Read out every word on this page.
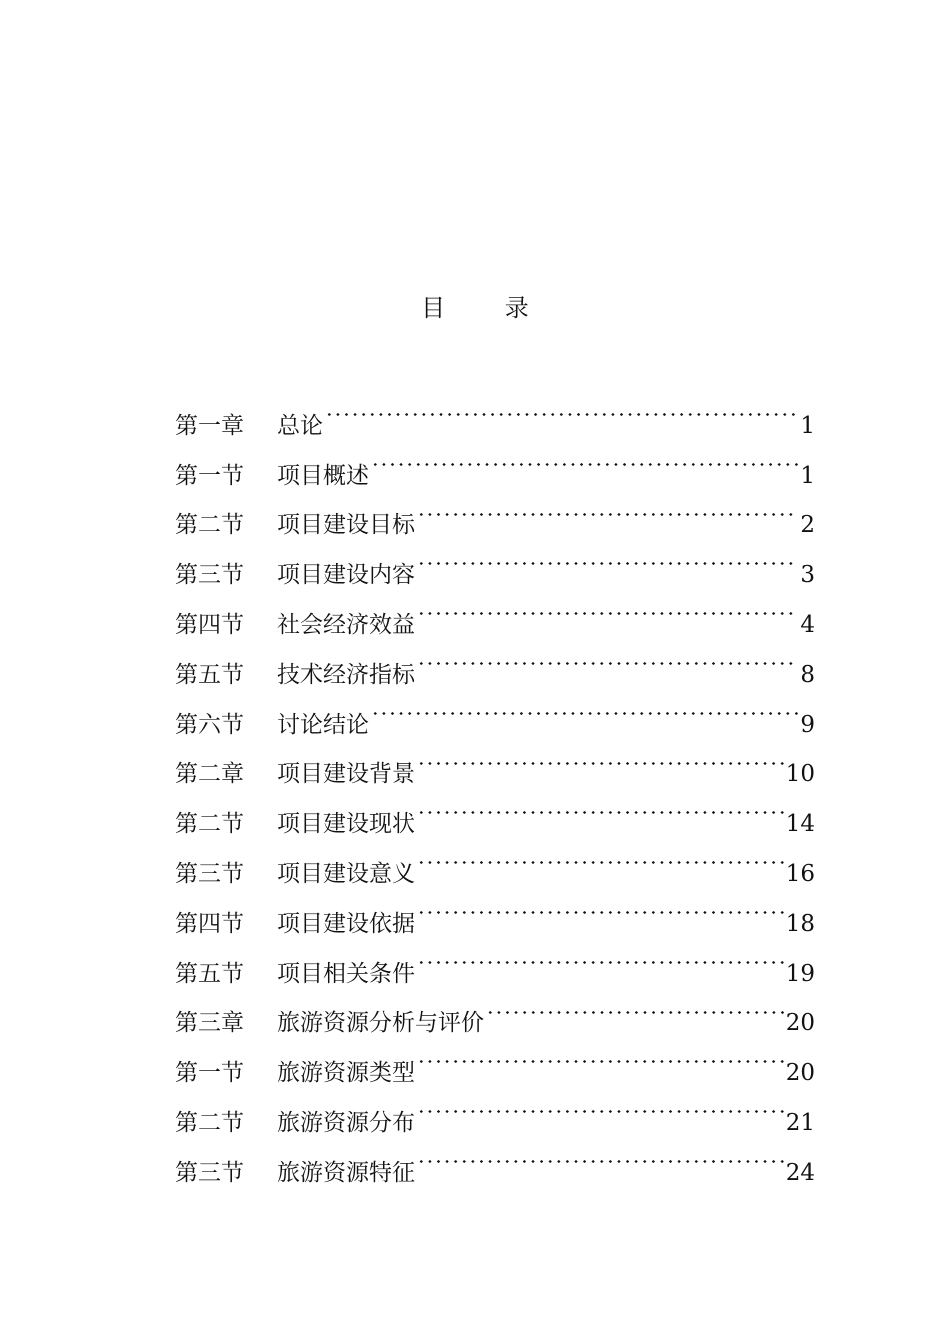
目 录
第一章	总论	1
第一节	项目概述	1
第二节	项目建设目标	2
第三节	项目建设内容	3
第四节	社会经济效益	4
第五节	技术经济指标	8
第六节	讨论结论	9
第二章	项目建设背景	10
第二节	项目建设现状	14
第三节	项目建设意义	16
第四节	项目建设依据	18
第五节	项目相关条件	19
第三章	旅游资源分析与评价	20
第一节	旅游资源类型	20
第二节	旅游资源分布	21
第三节	旅游资源特征	24
